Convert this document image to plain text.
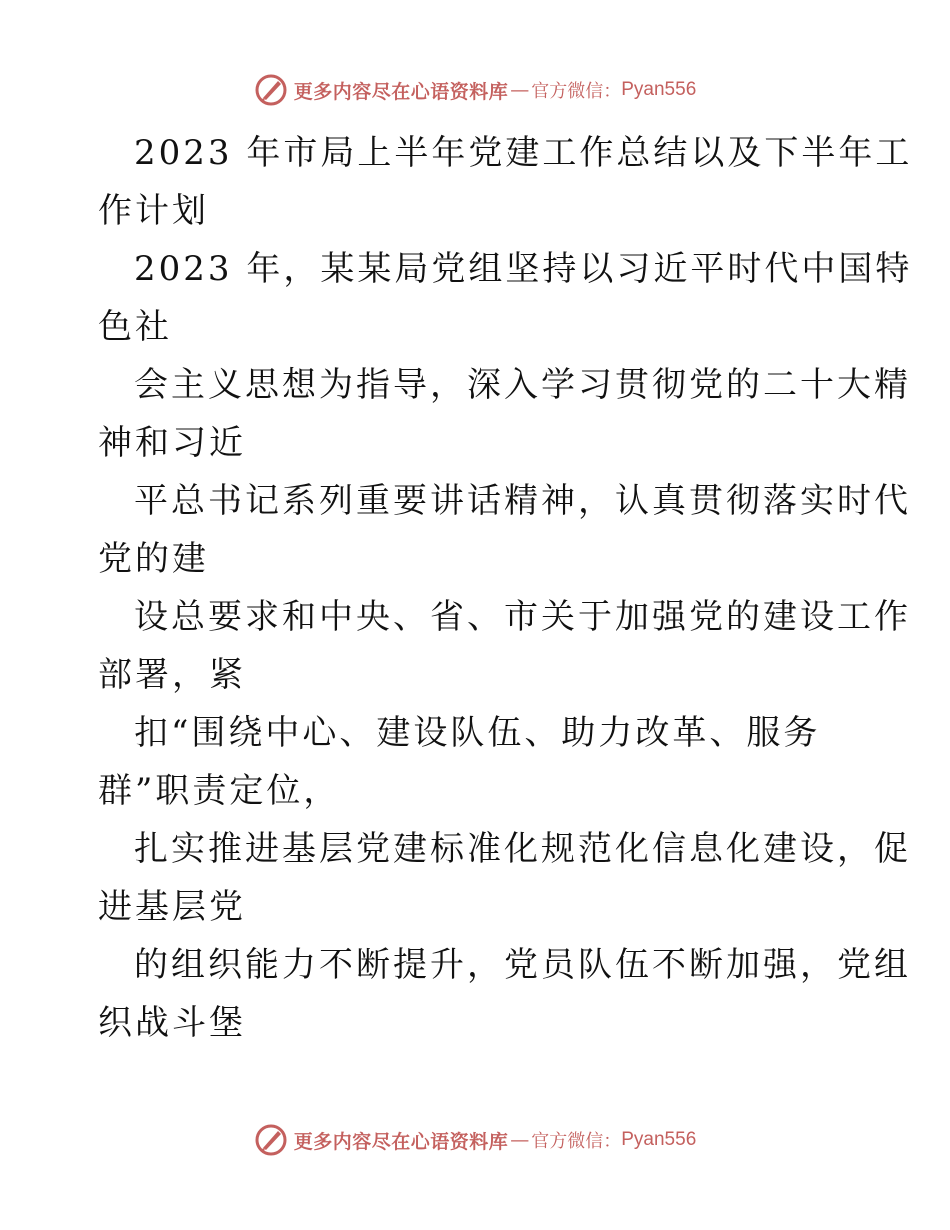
更多内容尽在心语资料库 — 官方微信： Pyan556
2023 年市局上半年党建工作总结以及下半年工
作计划
2023 年，某某局党组坚持以习近平时代中国特
色社
会主义思想为指导，深入学习贯彻党的二十大精
神和习近
平总书记系列重要讲话精神，认真贯彻落实时代
党的建
设总要求和中央、省、市关于加强党的建设工作
部署，紧
扣“围绕中心、建设队伍、助力改革、服务
群”职责定位，
扎实推进基层党建标准化规范化信息化建设，促
进基层党
的组织能力不断提升，党员队伍不断加强，党组
织战斗堡
更多内容尽在心语资料库 — 官方微信： Pyan556
